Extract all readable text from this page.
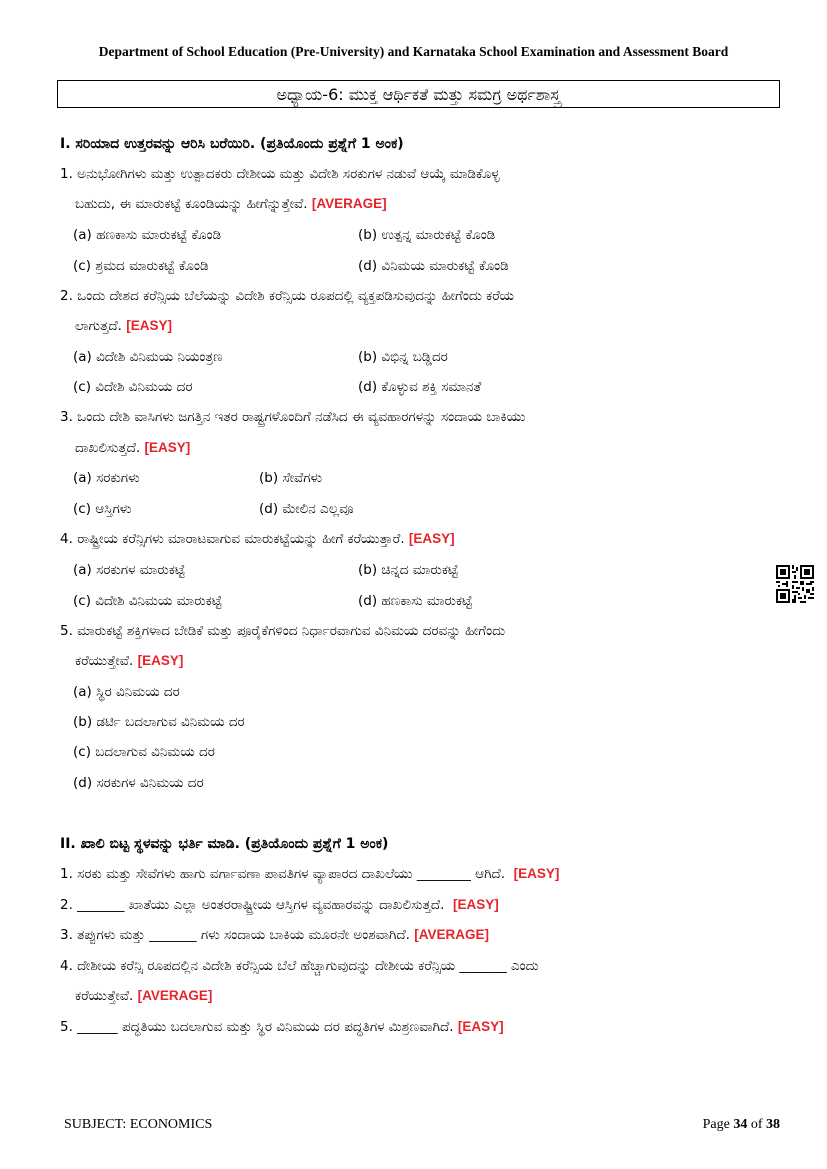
Department of School Education (Pre-University) and Karnataka School Examination and Assessment Board
ಅಧ್ಯಾಯ-6: ಮುಕ್ತ ಆರ್ಥಿಕತೆ ಮತ್ತು ಸಮಗ್ರ ಅರ್ಥಶಾಸ್ತ್ರ
I. ಸರಿಯಾದ ಉತ್ತರವನ್ನು ಆರಿಸಿ ಬರೆಯಿರಿ. (ಪ್ರತಿಯೊಂದು ಪ್ರಶ್ನೆಗೆ 1 ಅಂಕ)
1. ಅನುಭೋಗಿಗಳು ಮತ್ತು ಉತ್ಪಾದಕರು ದೇಶೀಯ ಮತ್ತು ವಿದೇಶಿ ಸರಕುಗಳ ನಡುವೆ ಆಯ್ಕೆ ಮಾಡಿಕೊಳ್ಳ
ಬಹುದು, ಈ ಮಾರುಕಟ್ಟೆ ಕೂಂಡಿಯನ್ನು ಹೀಗೆನ್ನುತ್ತೇವೆ. [AVERAGE]
(a) ಹಣಕಾಸು ಮಾರುಕಟ್ಟೆ ಕೊಂಡಿ	(b) ಉತ್ಪನ್ನ ಮಾರುಕಟ್ಟೆ ಕೊಂಡಿ
(c) ಶ್ರಮದ ಮಾರುಕಟ್ಟೆ ಕೊಂಡಿ	(d) ವಿನಿಮಯ ಮಾರುಕಟ್ಟೆ ಕೊಂಡಿ
2. ಒಂದು ದೇಶದ ಕರೆನ್ಸಿಯ ಬೆಲೆಯನ್ನು ವಿದೇಶಿ ಕರೆನ್ಸಿಯ ರೂಪದಲ್ಲಿ ವ್ಯಕ್ತಪಡಿಸುವುದನ್ನು ಹೀಗೆಂದು ಕರೆಯ
ಲಾಗುತ್ತದೆ. [EASY]
(a) ವಿದೇಶಿ ವಿನಿಮಯ ನಿಯಂತ್ರಣ	(b) ವಿಭಿನ್ನ ಬಡ್ಡಿದರ
(c) ವಿದೇಶಿ ವಿನಿಮಯ ದರ	(d) ಕೊಳ್ಳುವ ಶಕ್ತಿ ಸಮಾನತೆ
3. ಒಂದು ದೇಶಿ ವಾಸಿಗಳು ಜಗತ್ತಿನ ಇತರ ರಾಷ್ಟ್ರಗಳೊಂದಿಗೆ ನಡೆಸಿದ ಈ ವ್ಯವಹಾರಗಳನ್ನು ಸಂದಾಯ ಬಾಕಿಯು
ದಾಖಲಿಸುತ್ತದೆ. [EASY]
(a) ಸರಕುಗಳು	(b) ಸೇವೆಗಳು
(c) ಆಸ್ತಿಗಳು	(d) ಮೇಲಿನ ಎಲ್ಲವೂ
4. ರಾಷ್ಟ್ರೀಯ ಕರೆನ್ಸಿಗಳು ಮಾರಾಟವಾಗುವ ಮಾರುಕಟ್ಟೆಯನ್ನು ಹೀಗೆ ಕರೆಯುತ್ತಾರೆ. [EASY]
(a) ಸರಕುಗಳ ಮಾರುಕಟ್ಟೆ	(b) ಚಿನ್ನದ ಮಾರುಕಟ್ಟೆ
(c) ವಿದೇಶಿ ವಿನಿಮಯ ಮಾರುಕಟ್ಟೆ	(d) ಹಣಕಾಸು ಮಾರುಕಟ್ಟೆ
5. ಮಾರುಕಟ್ಟೆ ಶಕ್ತಿಗಳಾದ ಬೇಡಿಕೆ ಮತ್ತು ಪೂರೈಕೆಗಳಿಂದ ನಿರ್ಧಾರವಾಗುವ ವಿನಿಮಯ ದರವನ್ನು ಹೀಗೆಂದು
ಕರೆಯುತ್ತೇವೆ. [EASY]
(a) ಸ್ಥಿರ ವಿನಿಮಯ ದರ
(b) ಡರ್ಟಿ ಬದಲಾಗುವ ವಿನಿಮಯ ದರ
(c) ಬದಲಾಗುವ ವಿನಿಮಯ ದರ
(d) ಸರಕುಗಳ ವಿನಿಮಯ ದರ
II. ಖಾಲಿ ಬಿಟ್ಟ ಸ್ಥಳವನ್ನು ಭರ್ತಿ ಮಾಡಿ. (ಪ್ರತಿಯೊಂದು ಪ್ರಶ್ನೆಗೆ 1 ಅಂಕ)
1. ಸರಕು ಮತ್ತು ಸೇವೆಗಳು ಹಾಗು ವರ್ಗಾವಣಾ ಪಾವತಿಗಳ ವ್ಯಾಪಾರದ ದಾಖಲೆಯು ________ ಆಗಿದೆ. [EASY]
2. _______ ಖಾತೆಯು ಎಲ್ಲಾ ಅಂತರರಾಷ್ಟ್ರೀಯ ಆಸ್ತಿಗಳ ವ್ಯವಹಾರವನ್ನು ದಾಖಲಿಸುತ್ತದೆ. [EASY]
3. ತಪ್ಪುಗಳು ಮತ್ತು _______ ಗಳು ಸಂದಾಯ ಬಾಕಿಯ ಮೂರನೇ ಅಂಶವಾಗಿದೆ. [AVERAGE]
4. ದೇಶೀಯ ಕರೆನ್ಸಿ ರೂಪದಲ್ಲಿನ ವಿದೇಶಿ ಕರೆನ್ಸಿಯ ಬೆಲೆ ಹೆಚ್ಚಾಗುವುದನ್ನು ದೇಶೀಯ ಕರೆನ್ಸಿಯ _______ ಎಂದು
ಕರೆಯುತ್ತೇವೆ. [AVERAGE]
5. ______ ಪದ್ಧತಿಯು ಬದಲಾಗುವ ಮತ್ತು ಸ್ಥಿರ ವಿನಿಮಯ ದರ ಪದ್ಧತಿಗಳ ಮಿಶ್ರಣವಾಗಿದೆ. [EASY]
SUBJECT: ECONOMICS	Page 34 of 38
